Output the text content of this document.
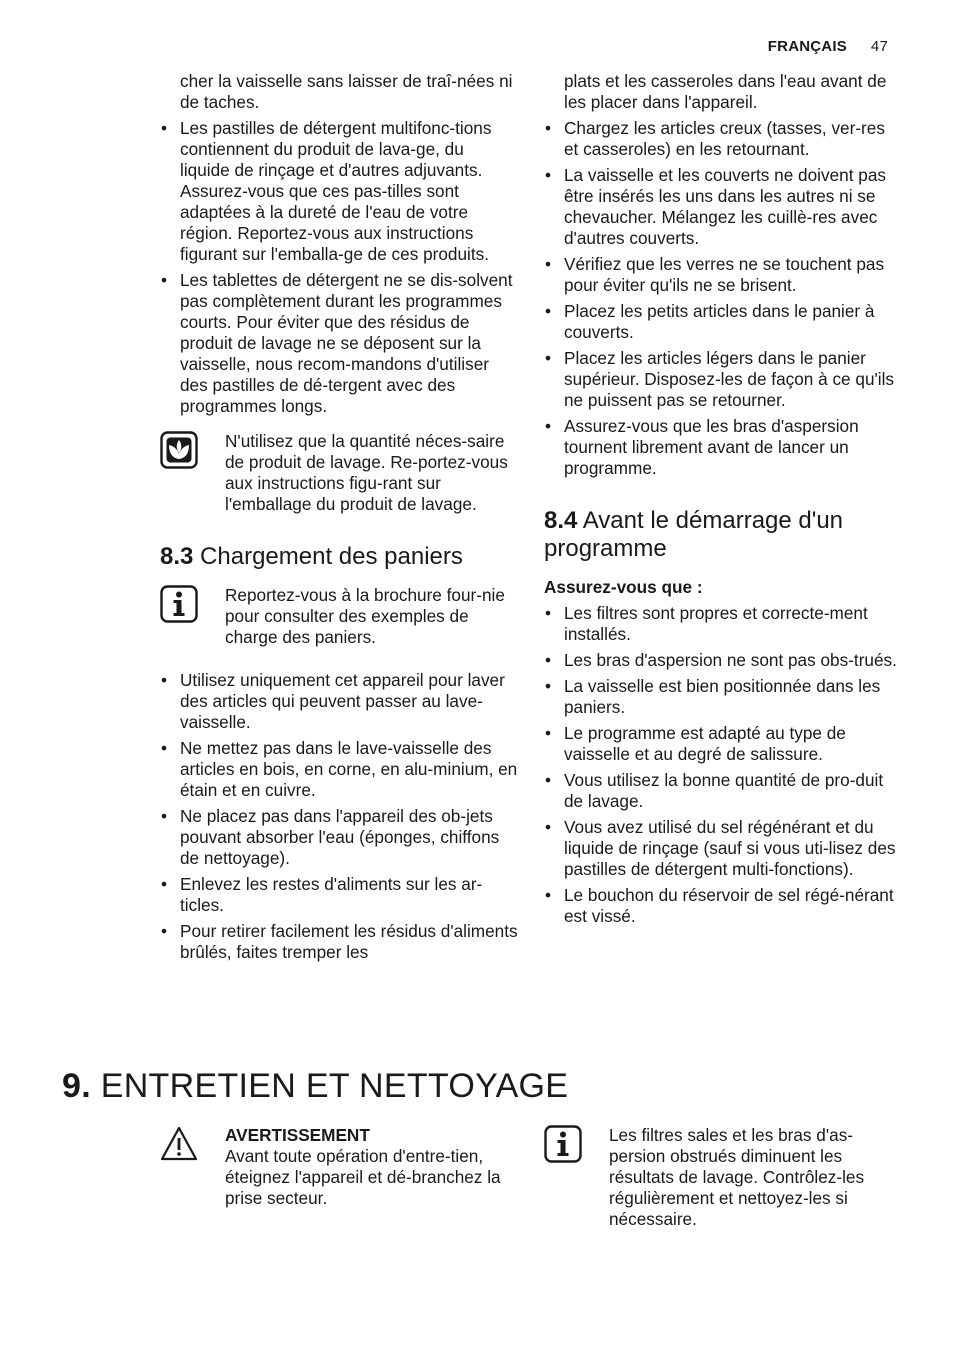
FRANÇAIS 47

cher la vaisselle sans laisser de traî-nées ni de taches.

• Les pastilles de détergent multifonc-tions contiennent du produit de lava-ge, du liquide de rinçage et d'autres adjuvants. Assurez-vous que ces pas-tilles sont adaptées à la dureté de l'eau de votre région. Reportez-vous aux instructions figurant sur l'emballa-ge de ces produits.
• Les tablettes de détergent ne se dis-solvent pas complètement durant les programmes courts. Pour éviter que des résidus de produit de lavage ne se déposent sur la vaisselle, nous recom-mandons d'utiliser des pastilles de dé-tergent avec des programmes longs.

N'utilisez que la quantité néces-saire de produit de lavage. Re-portez-vous aux instructions figu-rant sur l'emballage du produit de lavage.

8.3 Chargement des paniers

Reportez-vous à la brochure four-nie pour consulter des exemples de charge des paniers.

• Utilisez uniquement cet appareil pour laver des articles qui peuvent passer au lave-vaisselle.
• Ne mettez pas dans le lave-vaisselle des articles en bois, en corne, en alu-minium, en étain et en cuivre.
• Ne placez pas dans l'appareil des ob-jets pouvant absorber l'eau (éponges, chiffons de nettoyage).
• Enlevez les restes d'aliments sur les ar-ticles.
• Pour retirer facilement les résidus d'aliments brûlés, faites tremper les

plats et les casseroles dans l'eau avant de les placer dans l'appareil.

• Chargez les articles creux (tasses, ver-res et casseroles) en les retournant.
• La vaisselle et les couverts ne doivent pas être insérés les uns dans les autres ni se chevaucher. Mélangez les cuillè-res avec d'autres couverts.
• Vérifiez que les verres ne se touchent pas pour éviter qu'ils ne se brisent.
• Placez les petits articles dans le panier à couverts.
• Placez les articles légers dans le panier supérieur. Disposez-les de façon à ce qu'ils ne puissent pas se retourner.
• Assurez-vous que les bras d'aspersion tournent librement avant de lancer un programme.
8.4 Avant le démarrage d'un programme

Assurez-vous que :

• Les filtres sont propres et correcte-ment installés.
• Les bras d'aspersion ne sont pas obs-trués.
• La vaisselle est bien positionnée dans les paniers.
• Le programme est adapté au type de vaisselle et au degré de salissure.
• Vous utilisez la bonne quantité de pro-duit de lavage.
• Vous avez utilisé du sel régénérant et du liquide de rinçage (sauf si vous uti-lisez des pastilles de détergent multi-fonctions).
• Le bouchon du réservoir de sel régé-nérant est vissé.
9. ENTRETIEN ET NETTOYAGE

AVERTISSEMENT

Avant toute opération d'entre-tien, éteignez l'appareil et dé-branchez la prise secteur.

Les filtres sales et les bras d'as-persion obstrués diminuent les résultats de lavage. Contrôlez-les régulièrement et nettoyez-les si nécessaire.
